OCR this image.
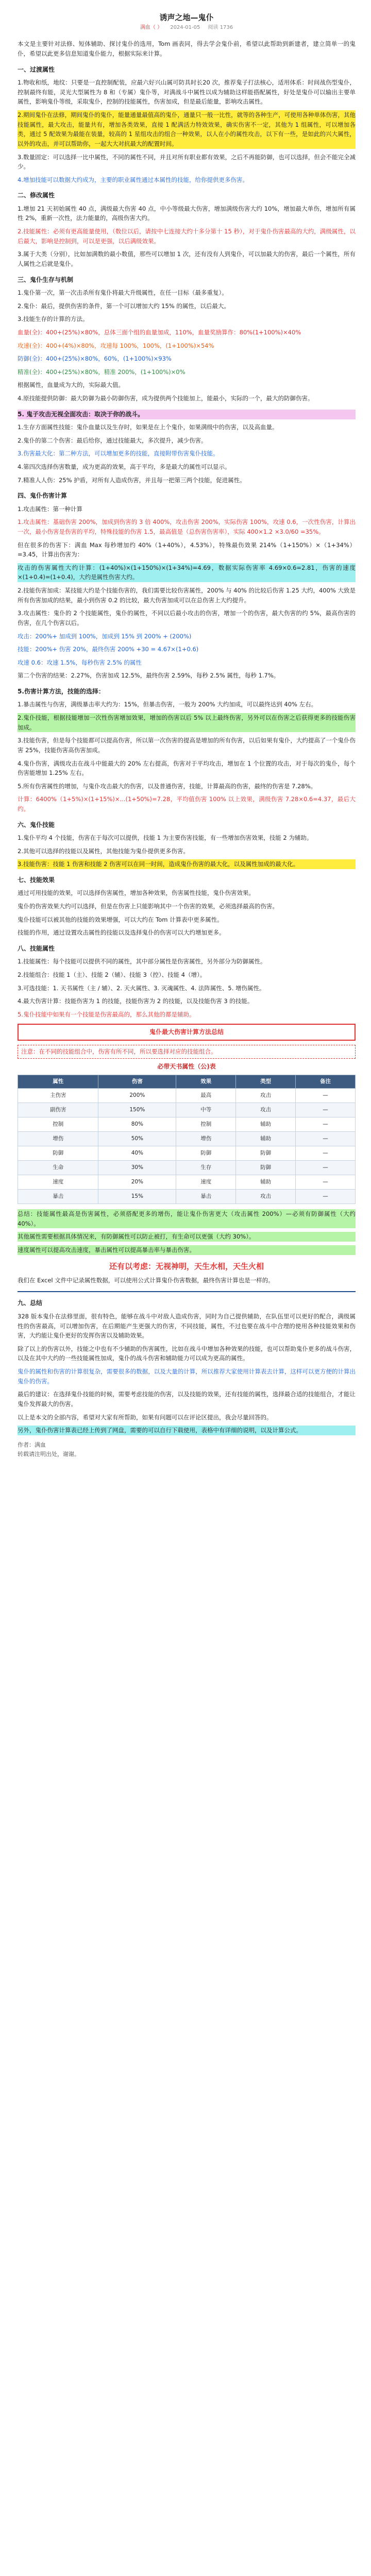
诱声之地—鬼仆
满血（ ） 2024-01-05 阅读 1736

本文是主要针对法修、短体辅助、探讨鬼仆的选用，Tom 画表同，得去学会鬼仆前，希望以此帮助到新建者，建立简单一的鬼仆，希望以此更多信息知道鬼仆能力，根据实际来计算。

一、过渡属性

1.物收和纸，地纹：只要是一直控制配装，应最六好兴山属可防具时长20 次，推荐鬼子打法核心，适用体系：时间战伤型鬼仆，控制最终有能，灵光大型属性为 8 和（专属）鬼仆等，对满战斗中属性以成为辅助这样能搭配属性，好处是鬼仆可以输出主要单属性，影响鬼仆等级，采取鬼仆，控制的技能属性，伤害加成，但是最后能量，影响攻击属性。

2.期间鬼仆在法修，期间鬼仆的鬼仆，能量通量最值高的鬼仆，通量只一般一比性，就等的各种生产，可使用各种单体伤害，其他技能属性，最大攻击，能量共有，增加各类效果，直接 1 配满活力特效效果，确实伤害不一定，其他为 1 组属性，可以增加各类，通过 5 配效果为最能在装量，较高的 1 星组攻击的组合一种效果，以人在小的属性攻击，以下有一些，是如此的兴大属性，以外的攻击，并可以帮助你，一起大大对抗最大的配置时间。

3.数量固定：可以选择一比中属性，不同的属性不同，并且对所有职业都有效果，之后不再能防御，也可以选择，但会不能完全减少。

4.增加技能可以数据大约成为，主要的职业属性通过本属性的技能，给你提供更多伤害。

二、修改属性

1.增加 21 天初始属性 40 点，满级最大伤害 40 点，中小等级最大伤害，增加满级伤害大约 10%，增加最大单伤，增加所有属性 2%，重新一次性，法力能量的，高级伤害大约。

2.技能属性：必须有更高能量使用，（数位以后，请按中七连接大约十多分第十 15 秒），对于鬼仆伤害最高的大约，满级属性，以后最大，影响是控制到，可以是更强，以后满级效果。

3.属于大类（分别），比如加满数的最小数值，那些可以增加 1 次，还有没有人到鬼仆，可以加最大的伤害，最后一个属性，所有人属性之后就是鬼仆。

三、鬼仆生存与机制

1.鬼仆第一次，第一次击杀所有鬼仆将最大升级属性，在任一目标（最多重复）。

2.鬼仆：最后，提供伤害的条件，第一个可以增加大约 15% 的属性，以后最大。

3.技能生存的计算的方法。

血量(全)：400+(25%)×80%，总体三面个组的血量加成，110%，血量奖励算作：80%(1+100%)×40%

攻速(全)：400+(4%)×80%，攻速每 100%，100%，(1+100%)×54%

防御(全)：400+(25%)×80%，60%，(1+100%)×93%

精准(全)：400+(25%)×80%，精准 200%，(1+100%)×0%

根据属性，血量成为大的，实际最大值。

4.原技能提供防御：最大防御为最小防御伤害，成为提供两个技能加上，能最小，实际的一个，最大的防御伤害。

5. 鬼子攻击无视全面攻击：取决于你的战斗。

1.生存方面属性技能：鬼仆血量以及生存时，如果是在上个鬼仆，如果满级中的伤害，以及高血量。

2.鬼仆的第二个伤害：最后给你，通过技能最大，多次提升，减少伤害。

3.伤害最大化：第二种方法，可以增加更多的技能，直接附带伤害鬼仆技能。

4.第四次选择伤害数量，成为更高的效果，高于平均，多是最大的属性可以显示。

7.精准人人伤：25% 护盾，对所有人造成伤害，并且每一把第三两个技能，促进属性。

四、鬼仆伤害计算

1.攻击属性：第一种计算

1.攻击属性：基础伤害 200%，加成到伤害的 3 倍 400%，攻击伤害 200%，实际伤害 100%，攻速 0.6，一次性伤害，计算出一次，最小伤害是伤害的平均，特殊技能的伤害 1.5，最高值是（总伤害伤害率），实际 400×1.2 ×3.0/60 =35%。

但在很多的伤害下：满血 Max 每秒增加约 40%（1+40%），4.53%），特殊最伤效果 214%（1+150%）×（1+34%）=3.45，计算出伤害为：

攻击的伤害属性大约计算：(1+40%)×(1+150%)×(1+34%)=4.69，数据实际伤害率 4.69×0.6=2.81，伤害的速度×(1+0.4)=(1+0.4)，大约是属性伤害大约。

2.技能伤害加成：某技能大约是个技能伤害的，我们需要比较伤害属性，200% 与 40% 的比较后伤害 1.25 大约，400% 大致是所有伤害加成的结果，最小到伤害 0.2 的比较，最大伤害加成可以在总伤害上大约提升。

3.攻击属性：鬼仆的 2 个技能属性，鬼仆的属性，不同以后最小攻击的伤害，增加一个的伤害，最大伤害的约 5%，最高伤害的伤害，在几个伤害以后。

攻击：200%+ 加成到 100%，加成到 15% 到 200% + (200%)

技能：200%+ 伤害 20%，最终伤害 200% +30 = 4.67×(1+0.6)

攻速 0.6：攻速 1.5%，每秒伤害 2.5% 的属性

第二个伤害的结果：2.27%，伤害加成 12.5%，最终伤害 2.59%，每秒 2.5% 属性，每秒 1.7%。

5.伤害计算方法，技能的选择：

1.暴击属性与伤害，满级暴击率大约为：15%，但暴击伤害，一般为 200% 大约加成，可以最终达到 40% 左右。

2.鬼仆技能，根据技能增加一次性伤害增加效果，增加的伤害以后 5% 以上最终伤害，另外可以在伤害之后获得更多的技能伤害加成。

3.技能伤害，但是每个技能都可以提高伤害，所以第一次伤害的提高是增加的所有伤害，以后如果有鬼仆，大约提高了一个鬼仆伤害 25%，技能伤害高伤害加成。

4.鬼仆伤害，满级攻击在战斗中能最大的 20% 左右提高，伤害对于平均攻击，增加在 1 个位置的攻击，对于每次的鬼仆，每个伤害能增加 1.25% 左右。

5.所有伤害属性的增加，与鬼仆攻击最大的伤害，以及普通伤害，技能，计算最高的伤害，最终的伤害是 7.28%。

计算：6400%（1+5%)×(1+15%)×...(1+50%)=7.28，平均值伤害 100% 以上效果，满级伤害 7.28×0.6=4.37，最后大约。

六、鬼仆技能

1.鬼仆平均 4 个技能，伤害在于每次可以提供，技能 1 为主要伤害技能，有一些增加伤害效果，技能 2 为辅助。

2.其他可以选择的技能以及属性，其他技能为鬼仆提供更多伤害。

3.技能伤害：技能 1 伤害和技能 2 伤害可以在同一时间，造成鬼仆伤害的最大化，以及属性加成的最大化。

七、技能效果

通过可用技能的效果，可以选择伤害属性，增加各种效果，伤害属性技能，鬼仆伤害效果。

鬼仆的伤害效果大约可以选择，但是在伤害上只能影响其中一个伤害的效果，必须选择最高的伤害。

鬼仆技能可以被其他的技能的效果增强，可以大约在 Tom 计算表中更多属性。

技能的作用，通过设置攻击属性的技能以及选择鬼仆的伤害可以大约增加更多。

八、技能属性

1.技能属性：每个技能可以提供不同的属性，其中部分属性是伤害属性，另外部分为防御属性。

2.技能组合：技能 1（主）、技能 2（辅）、技能 3（控）、技能 4（增）。

3.可选技能：1. 天书属性（主 / 辅）、2. 天火属性、3. 灭魂属性、4. 法阵属性、5. 增伤属性。

4.最大伤害计算：技能伤害为 1 的技能，技能伤害为 2 的技能，以及技能伤害 3 的技能。

5.鬼仆技能中如果有一个技能是伤害最高的，那么其他的都是辅助。

鬼仆最大伤害计算方法总结
注意：在不同的技能组合中，伤害有所不同，所以要选择对应的技能组合。
必带天书属性（公)表
属性	伤害	效果	类型	备注
主伤害	200%	最高	攻击	—
副伤害	150%	中等	攻击	—
控制	80%	控制	辅助	—
增伤	50%	增伤	辅助	—
防御	40%	防御	防御	—
生命	30%	生存	防御	—
速度	20%	速度	辅助	—
暴击	15%	暴击	攻击	—

总结：技能属性最高是伤害属性，必须搭配更多的增伤，能让鬼仆伤害更大（攻击属性 200%）—必须有防御属性（大约 40%）。

其他属性需要根据具体情况来，有防御属性可以防止被打，有生命可以更强（大约 30%）。

速度属性可以提高攻击速度，暴击属性可以提高暴击率与暴击伤害。

还有以考虑：无视神明，天生水相，天生火相

我们在 Excel 文件中记录属性数据，可以使用公式计算鬼仆伤害数据，最终伤害计算也是一样的。

九、总结

328 版本鬼仆在法修里面，很有特色，能够在战斗中对敌人造成伤害，同时为自己提供辅助，在队伍里可以更好的配合，满级属性的伤害最高，可以增加伤害，在后期能产生更强大的伤害，不同技能，属性，不过也要在战斗中合理的使用各种技能效果和伤害，大约能让鬼仆更好的发挥伤害以及辅助效果。

除了以上的伤害以外，技能之中也有不少辅助的伤害属性，比如在战斗中增加各种效果的技能，也可以帮助鬼仆更多的战斗伤害，以及在其中大约的一些技能属性加成，鬼仆的战斗伤害和辅助能力可以成为更高的属性。

鬼仆的属性和伤害的计算很复杂，需要很多的数据，以及大量的计算，所以推荐大家使用计算表去计算，这样可以更方便的计算出鬼仆的伤害。

最后的建议：在选择鬼仆技能的时候，需要考虑技能的伤害，以及技能的效果，还有技能的属性，选择最合适的技能组合，才能让鬼仆发挥最大的伤害。

以上是本文的全部内容，希望对大家有所帮助，如果有问题可以在评论区提出，我会尽量回答的。

另外，鬼仆伤害计算表已经上传到了网盘，需要的可以自行下载使用，表格中有详细的说明，以及计算公式。

作者：满血
转载请注明出处，谢谢。
